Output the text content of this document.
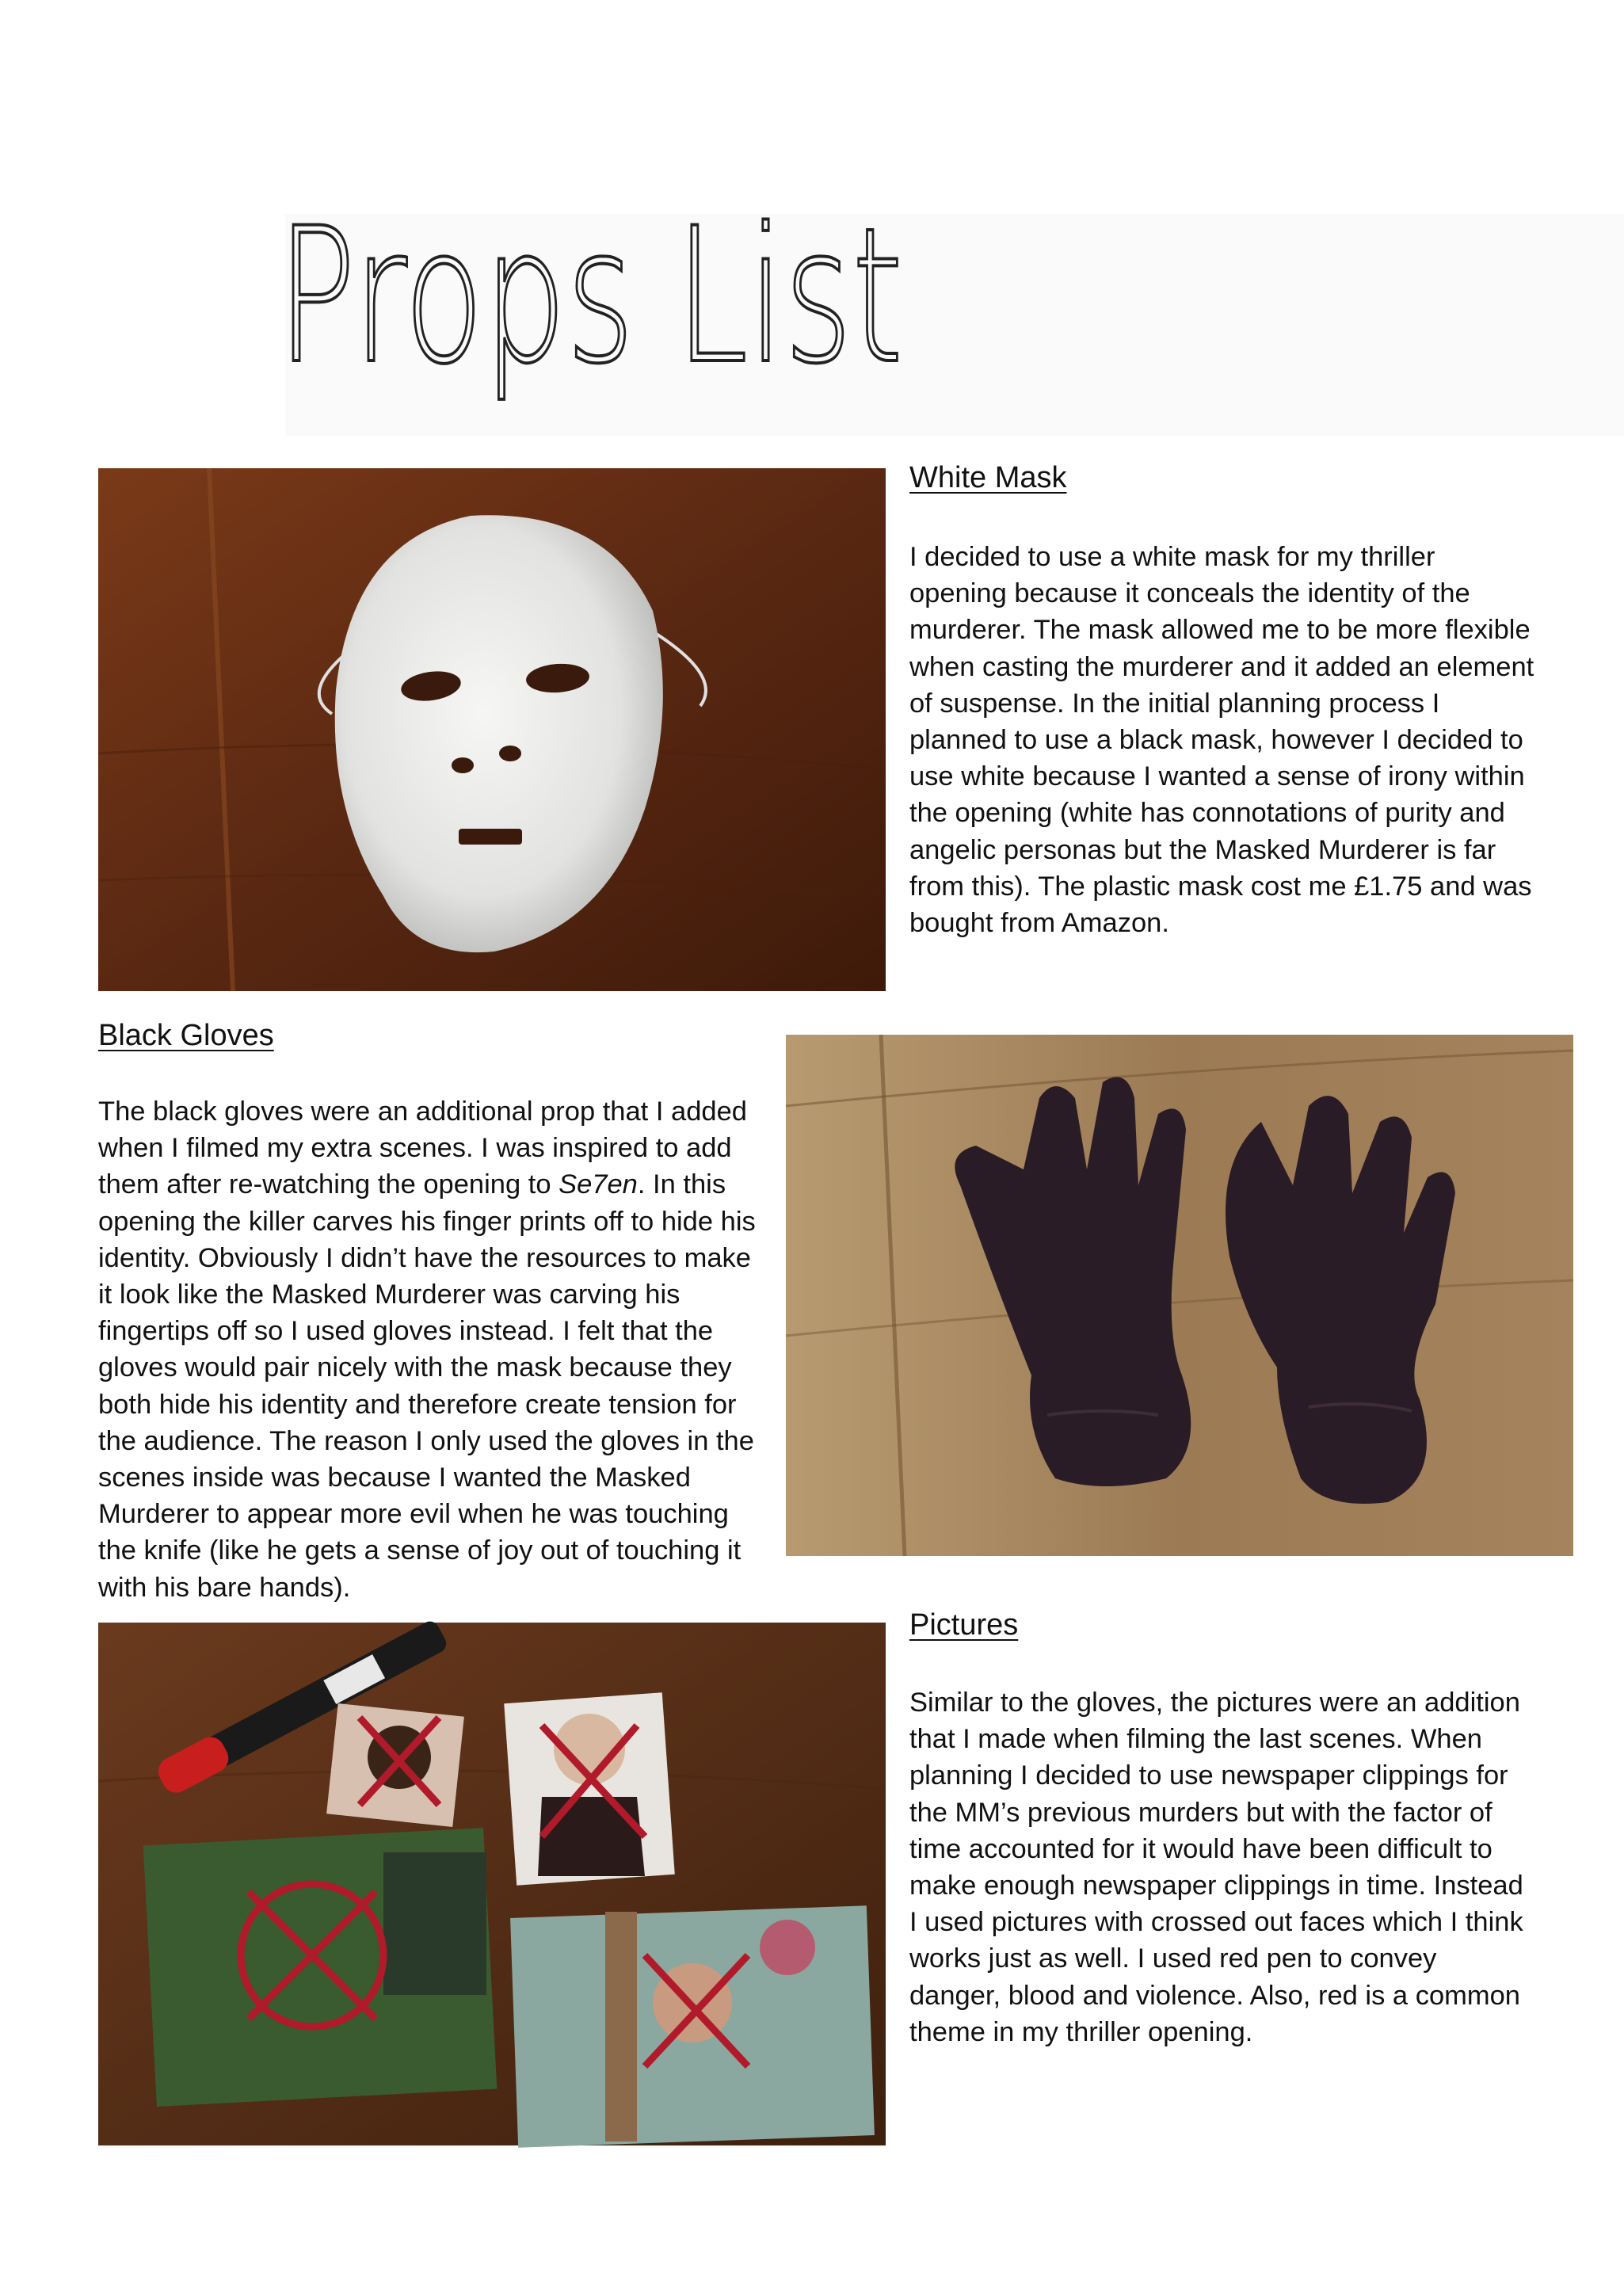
Props List
White Mask

I decided to use a white mask for my thriller opening because it conceals the identity of the murderer. The mask allowed me to be more flexible when casting the murderer and it added an element of suspense. In the initial planning process I planned to use a black mask, however I decided to use white because I wanted a sense of irony within the opening (white has connotations of purity and angelic personas but the Masked Murderer is far from this). The plastic mask cost me £1.75 and was bought from Amazon.

Black Gloves

The black gloves were an additional prop that I added when I filmed my extra scenes. I was inspired to add them after re-watching the opening to Se7en. In this opening the killer carves his finger prints off to hide his identity. Obviously I didn’t have the resources to make it look like the Masked Murderer was carving his fingertips off so I used gloves instead. I felt that the gloves would pair nicely with the mask because they both hide his identity and therefore create tension for the audience. The reason I only used the gloves in the scenes inside was because I wanted the Masked Murderer to appear more evil when he was touching the knife (like he gets a sense of joy out of touching it with his bare hands).

Pictures

Similar to the gloves, the pictures were an addition that I made when filming the last scenes. When planning I decided to use newspaper clippings for the MM’s previous murders but with the factor of time accounted for it would have been difficult to make enough newspaper clippings in time. Instead I used pictures with crossed out faces which I think works just as well. I used red pen to convey danger, blood and violence. Also, red is a common theme in my thriller opening.
